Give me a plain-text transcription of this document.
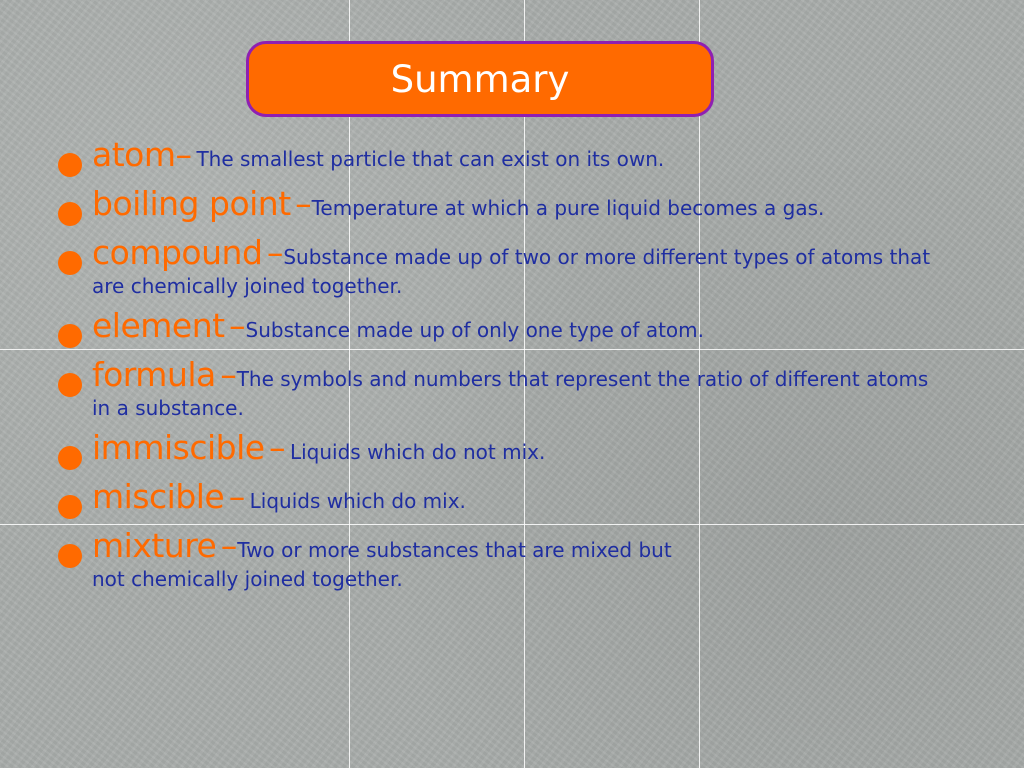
Summary
atom– The smallest particle that can exist on its own.
boiling point –Temperature at which a pure liquid becomes a gas.
compound –Substance made up of two or more different types of atoms that
are chemically joined together.
element –Substance made up of only one type of atom.
formula –The symbols and numbers that represent the ratio of different atoms
in a substance.
immiscible – Liquids which do not mix.
miscible – Liquids which do mix.
mixture –Two or more substances that are mixed but
not chemically joined together.
